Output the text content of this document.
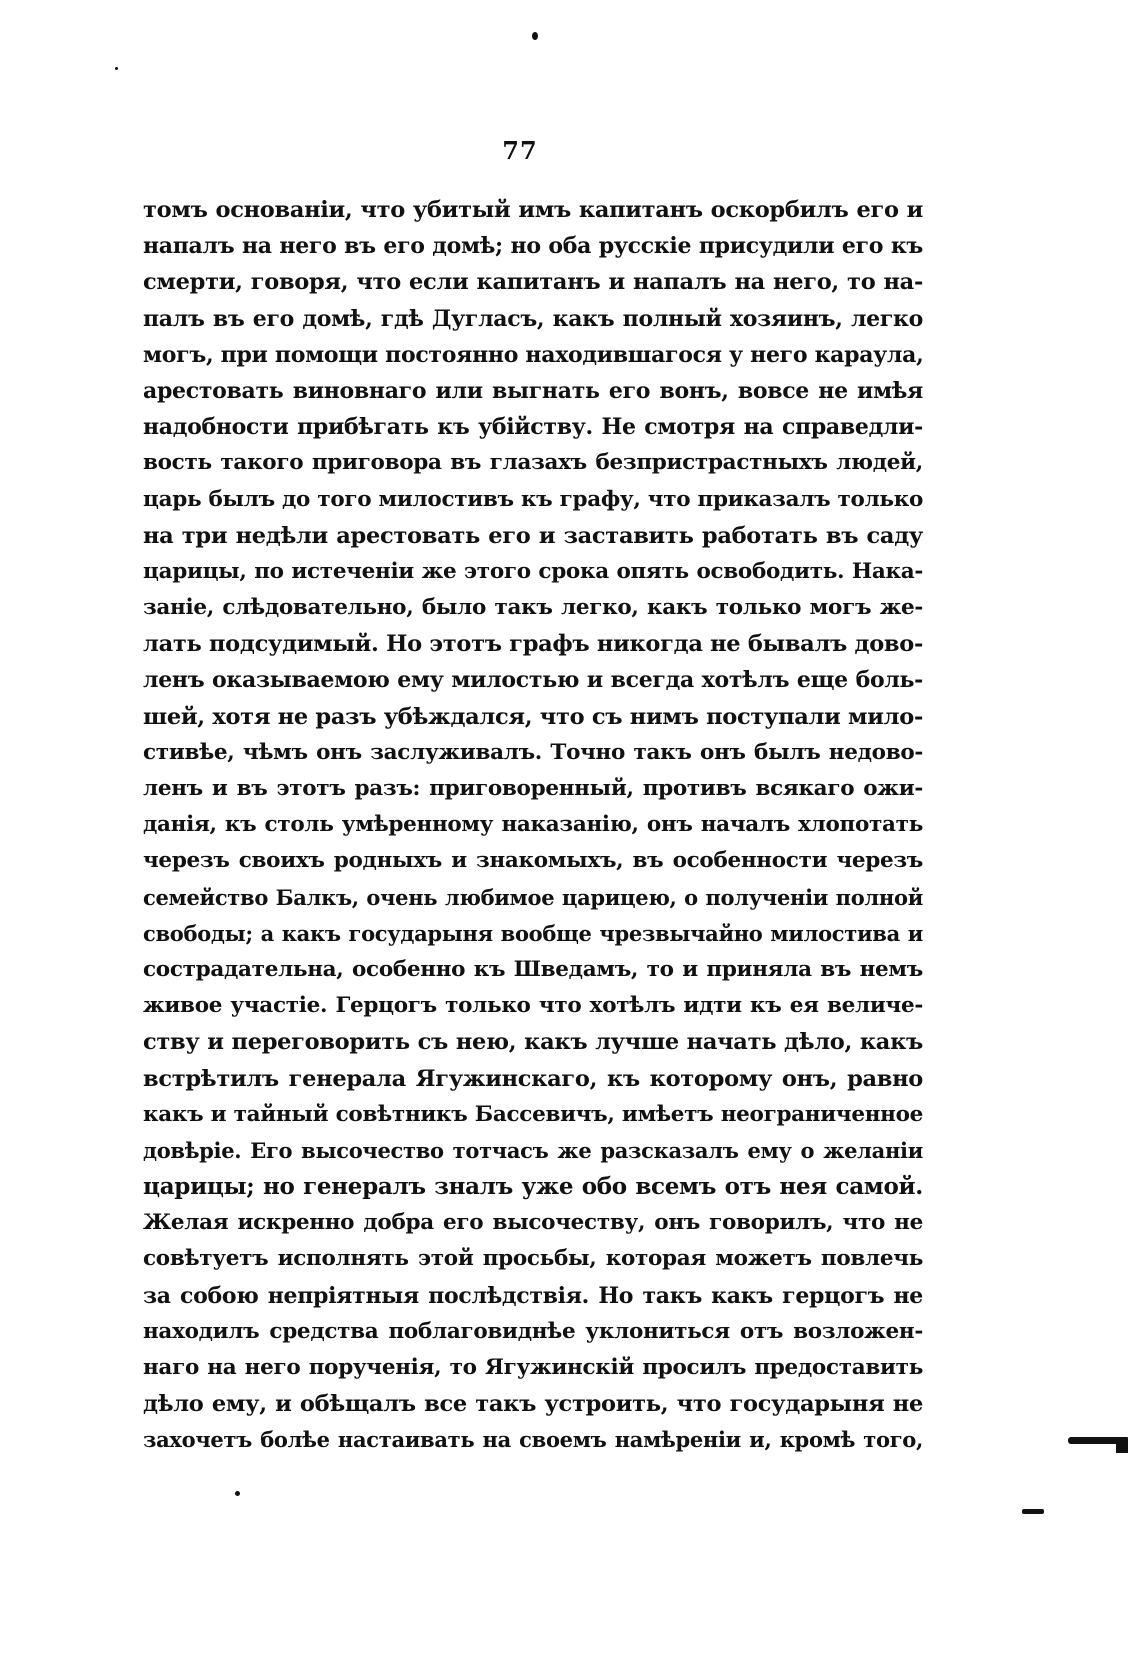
77
томъ основаніи, что убитый имъ капитанъ оскорбилъ его и
напалъ на него въ его домѣ; но оба русскіе присудили его къ
смерти, говоря, что если капитанъ и напалъ на него, то на-
палъ въ его домѣ, гдѣ Дугласъ, какъ полный хозяинъ, легко
могъ, при помощи постоянно находившагося у него караула,
арестовать виновнаго или выгнать его вонъ, вовсе не имѣя
надобности прибѣгать къ убійству. Не смотря на справедли-
вость такого приговора въ глазахъ безпристрастныхъ людей,
царь былъ до того милостивъ къ графу, что приказалъ только
на три недѣли арестовать его и заставить работать въ саду
царицы, по истеченіи же этого срока опять освободить. Нака-
заніе, слѣдовательно, было такъ легко, какъ только могъ же-
лать подсудимый. Но этотъ графъ никогда не бывалъ дово-
ленъ оказываемою ему милостью и всегда хотѣлъ еще боль-
шей, хотя не разъ убѣждался, что съ нимъ поступали мило-
стивѣе, чѣмъ онъ заслуживалъ. Точно такъ онъ былъ недово-
ленъ и въ этотъ разъ: приговоренный, противъ всякаго ожи-
данія, къ столь умѣренному наказанію, онъ началъ хлопотать
черезъ своихъ родныхъ и знакомыхъ, въ особенности черезъ
семейство Балкъ, очень любимое царицею, о полученіи полной
свободы; а какъ государыня вообще чрезвычайно милостива и
сострадательна, особенно къ Шведамъ, то и приняла въ немъ
живое участіе. Герцогъ только что хотѣлъ идти къ ея величе-
ству и переговорить съ нею, какъ лучше начать дѣло, какъ
встрѣтилъ генерала Ягужинскаго, къ которому онъ, равно
какъ и тайный совѣтникъ Бассевичъ, имѣетъ неограниченное
довѣріе. Его высочество тотчасъ же разсказалъ ему о желаніи
царицы; но генералъ зналъ уже обо всемъ отъ нея самой.
Желая искренно добра его высочеству, онъ говорилъ, что не
совѣтуетъ исполнять этой просьбы, которая можетъ повлечь
за собою непріятныя послѣдствія. Но такъ какъ герцогъ не
находилъ средства поблаговиднѣе уклониться отъ возложен-
наго на него порученія, то Ягужинскій просилъ предоставить
дѣло ему, и обѣщалъ все такъ устроить, что государыня не
захочетъ болѣе настаивать на своемъ намѣреніи и, кромѣ того,
